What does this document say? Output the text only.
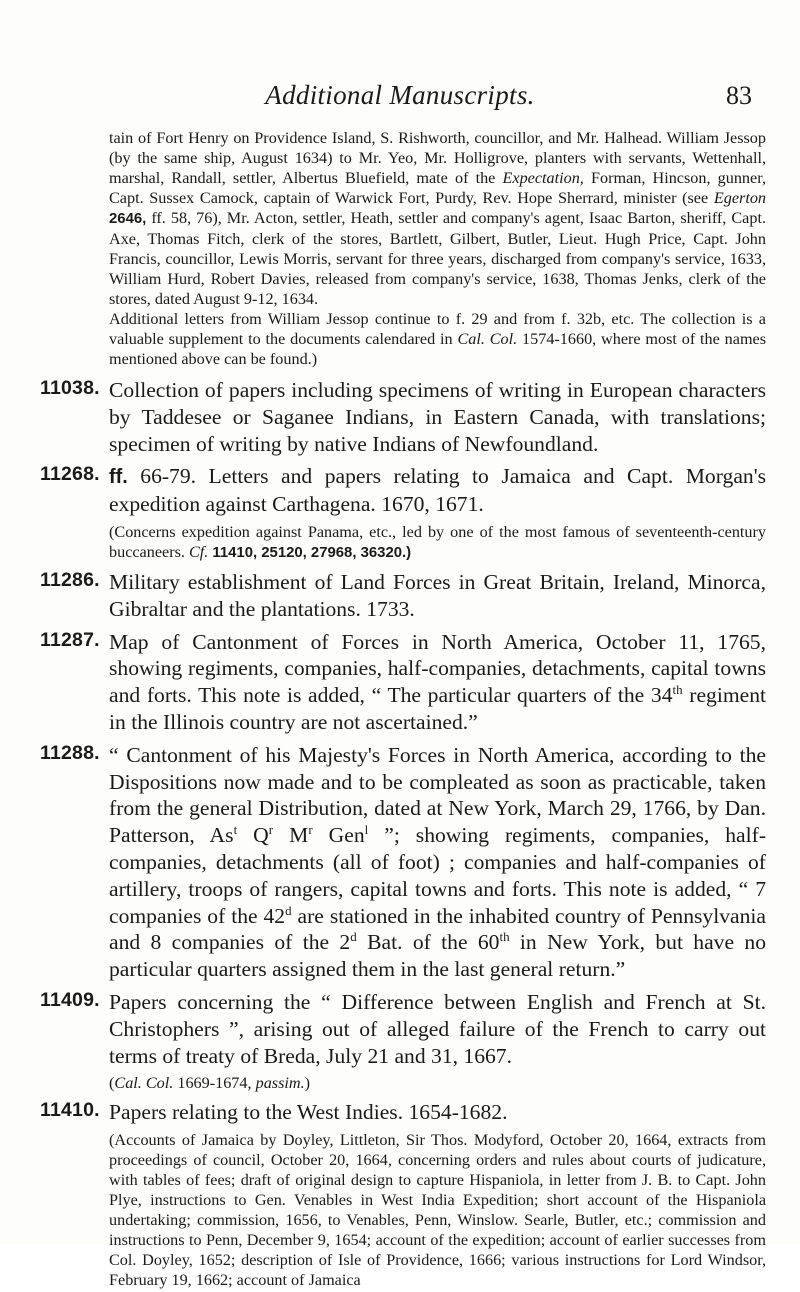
Additional Manuscripts.	83

tain of Fort Henry on Providence Island, S. Rishworth, councillor, and Mr. Halhead. William Jessop (by the same ship, August 1634) to Mr. Yeo, Mr. Holligrove, planters with servants, Wettenhall, marshal, Randall, settler, Albertus Bluefield, mate of the Expectation, Forman, Hincson, gunner, Capt. Sussex Camock, captain of Warwick Fort, Purdy, Rev. Hope Sherrard, minister (see Egerton 2646, ff. 58, 76), Mr. Acton, settler, Heath, settler and company's agent, Isaac Barton, sheriff, Capt. Axe, Thomas Fitch, clerk of the stores, Bartlett, Gilbert, Butler, Lieut. Hugh Price, Capt. John Francis, councillor, Lewis Morris, servant for three years, discharged from company's service, 1633, William Hurd, Robert Davies, released from company's service, 1638, Thomas Jenks, clerk of the stores, dated August 9-12, 1634.

Additional letters from William Jessop continue to f. 29 and from f. 32b, etc. The collection is a valuable supplement to the documents calendared in Cal. Col. 1574-1660, where most of the names mentioned above can be found.)

11038. Collection of papers including specimens of writing in European characters by Taddesee or Saganee Indians, in Eastern Canada, with translations; specimen of writing by native Indians of Newfoundland.

11268. ff. 66-79. Letters and papers relating to Jamaica and Capt. Morgan's expedition against Carthagena. 1670, 1671.

(Concerns expedition against Panama, etc., led by one of the most famous of seventeenth-century buccaneers. Cf. 11410, 25120, 27968, 36320.)

11286. Military establishment of Land Forces in Great Britain, Ireland, Minorca, Gibraltar and the plantations. 1733.

11287. Map of Cantonment of Forces in North America, October 11, 1765, showing regiments, companies, half-companies, detachments, capital towns and forts. This note is added, “ The particular quarters of the 34th regiment in the Illinois country are not ascertained.”

11288. “ Cantonment of his Majesty's Forces in North America, according to the Dispositions now made and to be compleated as soon as practicable, taken from the general Distribution, dated at New York, March 29, 1766, by Dan. Patterson, As$^t$ $Q^r$ $M^r$ Gen$^l$ ”; showing regiments, companies, half-companies, detachments (all of foot) ; companies and half-companies of artillery, troops of rangers, capital towns and forts. This note is added, “ 7 companies of the 42$^d$ are stationed in the inhabited country of Pennsylvania and 8 companies of the 2$^d$ Bat. of the 60th in New York, but have no particular quarters assigned them in the last general return.”

11409. Papers concerning the “ Difference between English and French at St. Christophers ”, arising out of alleged failure of the French to carry out terms of treaty of Breda, July 21 and 31, 1667.

(Cal. Col. 1669-1674, passim.)

11410. Papers relating to the West Indies. 1654-1682.

(Accounts of Jamaica by Doyley, Littleton, Sir Thos. Modyford, October 20, 1664, extracts from proceedings of council, October 20, 1664, concerning orders and rules about courts of judicature, with tables of fees; draft of original design to capture Hispaniola, in letter from J. B. to Capt. John Plye, instructions to Gen. Venables in West India Expedition; short account of the Hispaniola undertaking; commission, 1656, to Venables, Penn, Winslow. Searle, Butler, etc.; commission and instructions to Penn, December 9, 1654; account of the expedition; account of earlier successes from Col. Doyley, 1652; description of Isle of Providence, 1666; various instructions for Lord Windsor, February 19, 1662; account of Jamaica
